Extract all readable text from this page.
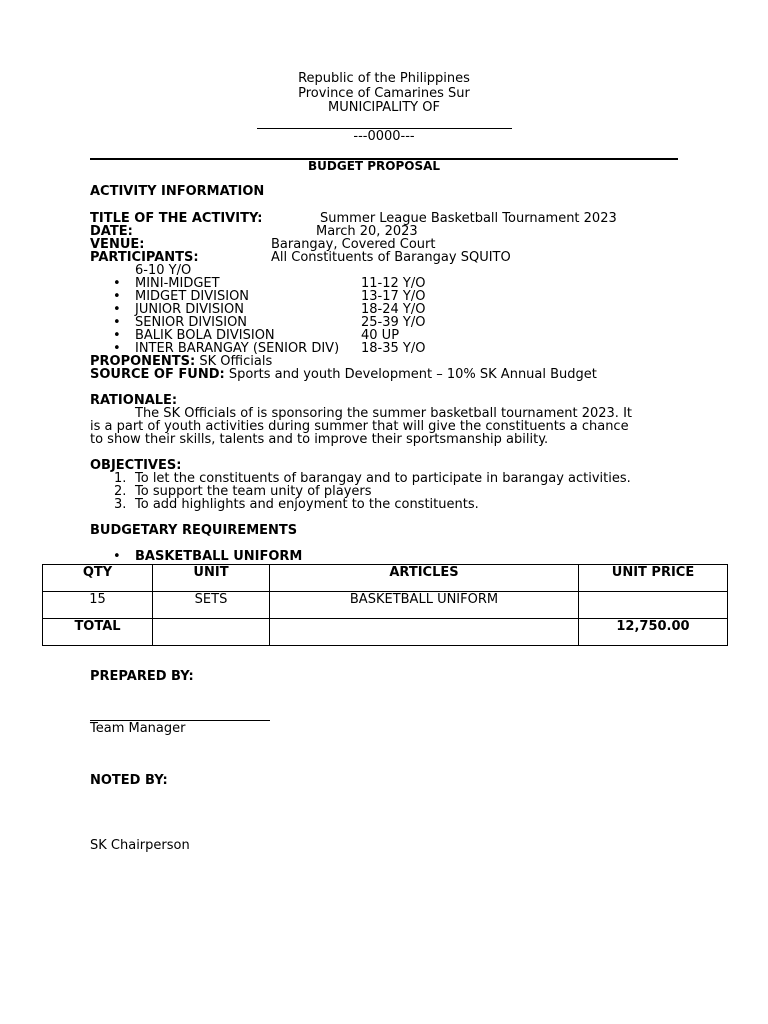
Republic of the Philippines
Province of Camarines Sur
MUNICIPALITY OF
---0000---
BUDGET PROPOSAL
ACTIVITY INFORMATION
TITLE OF THE ACTIVITY:	Summer League Basketball Tournament 2023
DATE:	March 20, 2023
VENUE:	Barangay, Covered Court
PARTICIPANTS:	All Constituents of Barangay SQUITO
6-10 Y/O
• MINI-MIDGET	11-12 Y/O
• MIDGET DIVISION	13-17 Y/O
• JUNIOR DIVISION	18-24 Y/O
• SENIOR DIVISION	25-39 Y/O
• BALIK BOLA DIVISION	40 UP
• INTER BARANGAY (SENIOR DIV) 18-35 Y/O
PROPONENTS: SK Officials
SOURCE OF FUND: Sports and youth Development – 10% SK Annual Budget
RATIONALE:
The SK Officials of is sponsoring the summer basketball tournament 2023. It
is a part of youth activities during summer that will give the constituents a chance
to show their skills, talents and to improve their sportsmanship ability.
OBJECTIVES:
1. To let the constituents of barangay and to participate in barangay activities.
2. To support the team unity of players
3. To add highlights and enjoyment to the constituents.
BUDGETARY REQUIREMENTS
• BASKETBALL UNIFORM
QTY	UNIT	ARTICLES	UNIT PRICE

15	SETS	BASKETBALL UNIFORM	

TOTAL			12,750.00
PREPARED BY:
Team Manager
NOTED BY:
SK Chairperson
